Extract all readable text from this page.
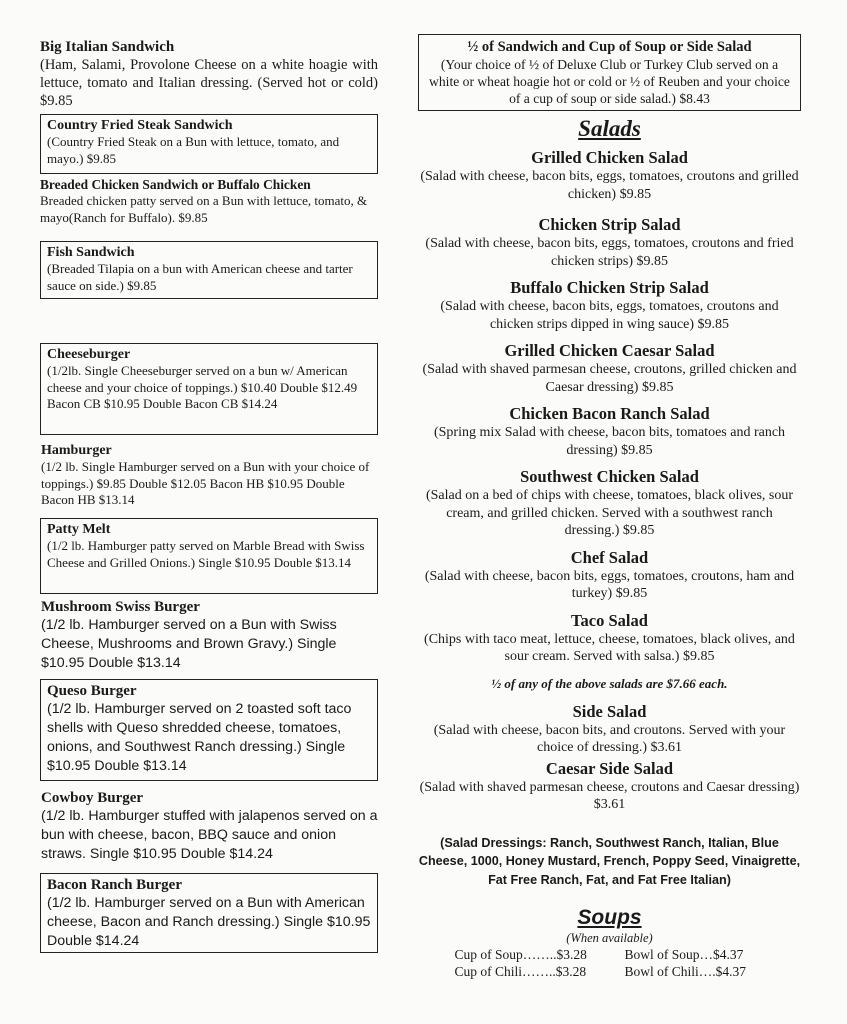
Big Italian Sandwich
(Ham, Salami, Provolone Cheese on a white hoagie with lettuce, tomato and Italian dressing. (Served hot or cold) $9.85
Country Fried Steak Sandwich
(Country Fried Steak on a Bun with lettuce, tomato, and mayo.) $9.85
Breaded Chicken Sandwich or Buffalo Chicken
Breaded chicken patty served on a Bun with lettuce, tomato, & mayo(Ranch for Buffalo). $9.85
Fish Sandwich
(Breaded Tilapia on a bun with American cheese and tarter sauce on side.) $9.85
Cheeseburger
(1/2lb. Single Cheeseburger served on a bun w/ American cheese and your choice of toppings.) $10.40 Double $12.49 Bacon CB $10.95 Double Bacon CB $14.24
Hamburger
(1/2 lb. Single Hamburger served on a Bun with your choice of toppings.) $9.85 Double $12.05 Bacon HB $10.95 Double Bacon HB $13.14
Patty Melt
(1/2 lb. Hamburger patty served on Marble Bread with Swiss Cheese and Grilled Onions.) Single $10.95 Double $13.14
Mushroom Swiss Burger
(1/2 lb. Hamburger served on a Bun with Swiss Cheese, Mushrooms and Brown Gravy.) Single $10.95 Double $13.14
Queso Burger
(1/2 lb. Hamburger served on 2 toasted soft taco shells with Queso shredded cheese, tomatoes, onions, and Southwest Ranch dressing.) Single $10.95 Double $13.14
Cowboy Burger
(1/2 lb. Hamburger stuffed with jalapenos served on a bun with cheese, bacon, BBQ sauce and onion straws. Single $10.95 Double $14.24
Bacon Ranch Burger
(1/2 lb. Hamburger served on a Bun with American cheese, Bacon and Ranch dressing.) Single $10.95 Double $14.24
½ of Sandwich and Cup of Soup or Side Salad
(Your choice of ½ of Deluxe Club or Turkey Club served on a white or wheat hoagie hot or cold or ½ of Reuben and your choice of a cup of soup or side salad.) $8.43
Salads
Grilled Chicken Salad
(Salad with cheese, bacon bits, eggs, tomatoes, croutons and grilled chicken) $9.85
Chicken Strip Salad
(Salad with cheese, bacon bits, eggs, tomatoes, croutons and fried chicken strips) $9.85
Buffalo Chicken Strip Salad
(Salad with cheese, bacon bits, eggs, tomatoes, croutons and chicken strips dipped in wing sauce) $9.85
Grilled Chicken Caesar Salad
(Salad with shaved parmesan cheese, croutons, grilled chicken and Caesar dressing) $9.85
Chicken Bacon Ranch Salad
(Spring mix Salad with cheese, bacon bits, tomatoes and ranch dressing) $9.85
Southwest Chicken Salad
(Salad on a bed of chips with cheese, tomatoes, black olives, sour cream, and grilled chicken. Served with a southwest ranch dressing.) $9.85
Chef Salad
(Salad with cheese, bacon bits, eggs, tomatoes, croutons, ham and turkey) $9.85
Taco Salad
(Chips with taco meat, lettuce, cheese, tomatoes, black olives, and sour cream. Served with salsa.) $9.85
½ of any of the above salads are $7.66 each.
Side Salad
(Salad with cheese, bacon bits, and croutons. Served with your choice of dressing.) $3.61
Caesar Side Salad
(Salad with shaved parmesan cheese, croutons and Caesar dressing) $3.61
(Salad Dressings: Ranch, Southwest Ranch, Italian, Blue Cheese, 1000, Honey Mustard, French, Poppy Seed, Vinaigrette, Fat Free Ranch, Fat, and Fat Free Italian)
Soups
(When available)
Cup of Soup……..$3.28	Bowl of Soup…$4.37
Cup of Chili……..$3.28	Bowl of Chili….$4.37
